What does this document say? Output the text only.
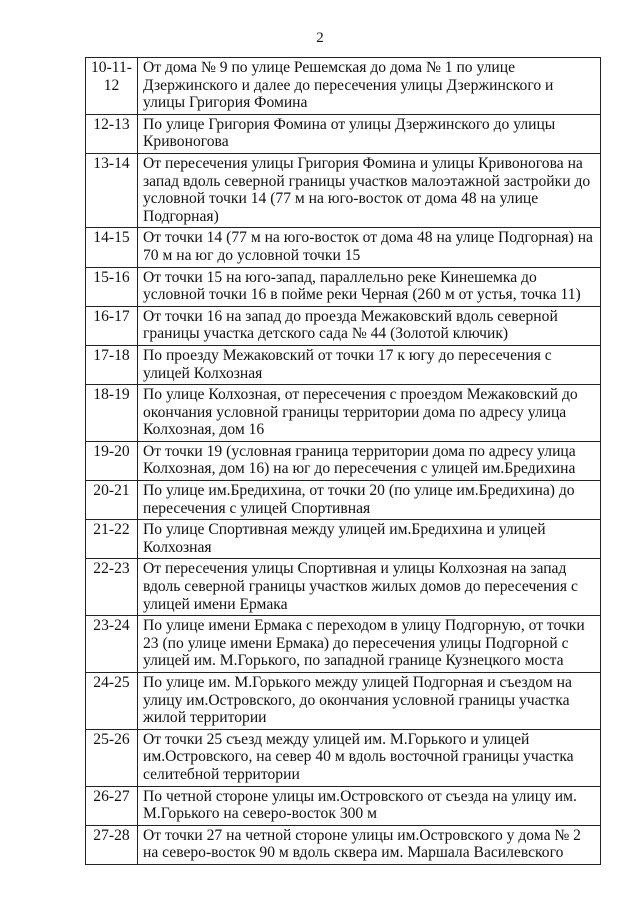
2
10-11-12	От дома № 9 по улице Решемская до дома № 1 по улице Дзержинского и далее до пересечения улицы Дзержинского и улицы Григория Фомина
12-13	По улице Григория Фомина от улицы Дзержинского до улицы Кривоногова
13-14	От пересечения улицы Григория Фомина и улицы Кривоногова на запад вдоль северной границы участков малоэтажной застройки до условной точки 14 (77 м на юго-восток от дома 48 на улице Подгорная)
14-15	От точки 14 (77 м на юго-восток от дома 48 на улице Подгорная) на 70 м на юг до условной точки 15
15-16	От точки 15 на юго-запад, параллельно реке Кинешемка до условной точки 16 в пойме реки Черная (260 м от устья, точка 11)
16-17	От точки 16 на запад до проезда Межаковский вдоль северной границы участка детского сада № 44 (Золотой ключик)
17-18	По проезду Межаковский от точки 17 к югу до пересечения с улицей Колхозная
18-19	По улице Колхозная, от пересечения с проездом Межаковский до окончания условной границы территории дома по адресу улица Колхозная, дом 16
19-20	От точки 19 (условная граница территории дома по адресу улица Колхозная, дом 16) на юг до пересечения с улицей им.Бредихина
20-21	По улице им.Бредихина, от точки 20 (по улице им.Бредихина) до пересечения с улицей Спортивная
21-22	По улице Спортивная между улицей им.Бредихина и улицей Колхозная
22-23	От пересечения улицы Спортивная и улицы Колхозная на запад вдоль северной границы участков жилых домов до пересечения с улицей имени Ермака
23-24	По улице имени Ермака с переходом в улицу Подгорную, от точки 23 (по улице имени Ермака) до пересечения улицы Подгорной с улицей им. М.Горького, по западной границе Кузнецкого моста
24-25	По улице им. М.Горького между улицей Подгорная и съездом на улицу им.Островского, до окончания условной границы участка жилой территории
25-26	От точки 25 съезд между улицей им. М.Горького и улицей им.Островского, на север 40 м вдоль восточной границы участка селитебной территории
26-27	По четной стороне улицы им.Островского от съезда на улицу им. М.Горького на северо-восток 300 м
27-28	От точки 27 на четной стороне улицы им.Островского у дома № 2 на северо-восток 90 м вдоль сквера им. Маршала Василевского
